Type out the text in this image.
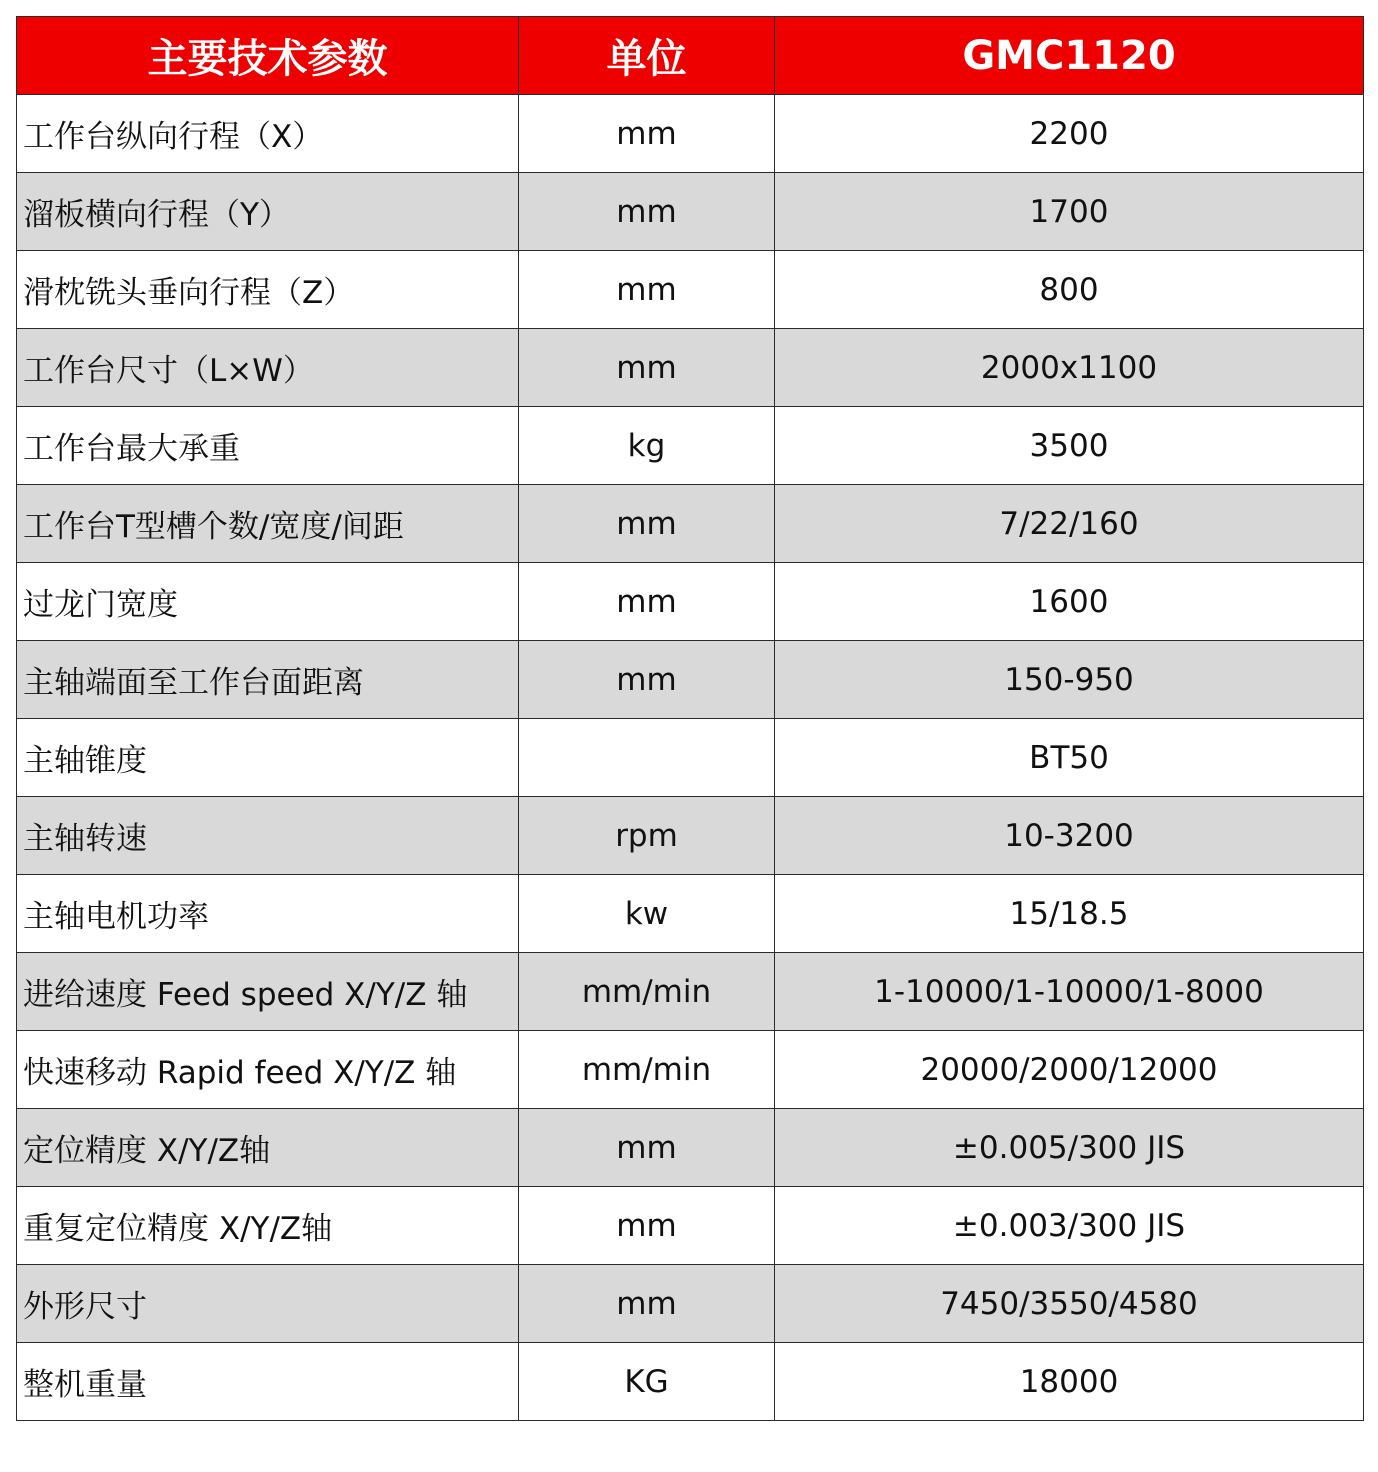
主要技术参数	单位	GMC1120
工作台纵向行程（X）	mm	2200
溜板横向行程（Y）	mm	1700
滑枕铣头垂向行程（Z）	mm	800
工作台尺寸（L×W）	mm	2000x1100
工作台最大承重	kg	3500
工作台T型槽个数/宽度/间距	mm	7/22/160
过龙门宽度	mm	1600
主轴端面至工作台面距离	mm	150-950
主轴锥度		BT50
主轴转速	rpm	10-3200
主轴电机功率	kw	15/18.5
进给速度 Feed speed X/Y/Z 轴	mm/min	1-10000/1-10000/1-8000
快速移动 Rapid feed X/Y/Z 轴	mm/min	20000/2000/12000
定位精度 X/Y/Z轴	mm	±0.005/300 JIS
重复定位精度 X/Y/Z轴	mm	±0.003/300 JIS
外形尺寸	mm	7450/3550/4580
整机重量	KG	18000
